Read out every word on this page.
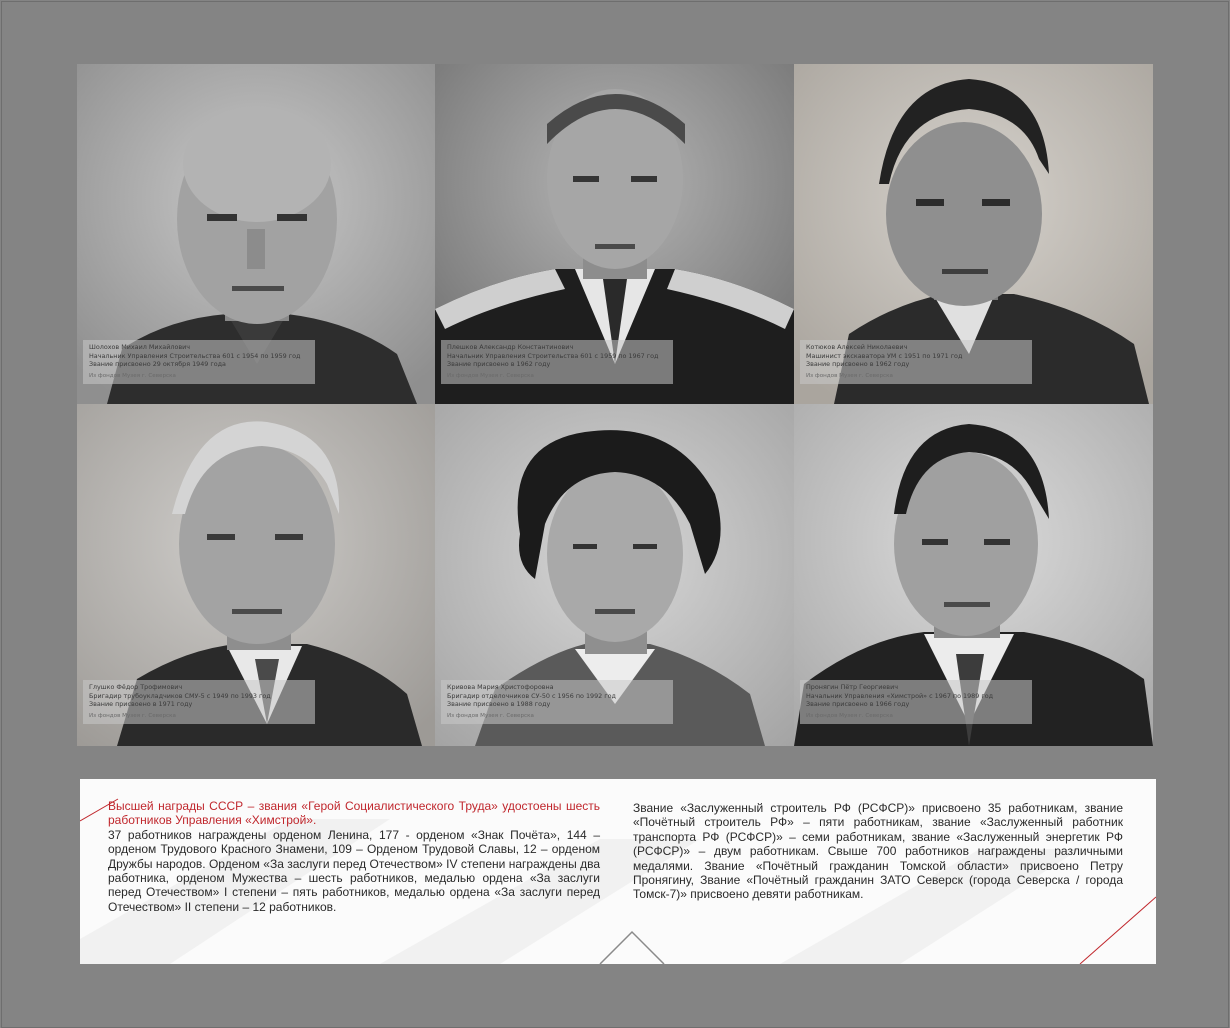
Шолохов Михаил Михайлович
Начальник Управления Строительства 601 с 1954 по 1959 год
Звание присвоено 29 октября 1949 года
Из фондов Музея г. Северска
Плешков Александр Константинович
Начальник Управления Строительства 601 с 1959 по 1967 год
Звание присвоено в 1962 году
Из фондов Музея г. Северска
Котюков Алексей Николаевич
Машинист экскаватора УМ с 1951 по 1971 год
Звание присвоено в 1962 году
Из фондов Музея г. Северска
Глушко Фёдор Трофимович
Бригадир трубоукладчиков СМУ-5 с 1949 по 1993 год
Звание присвоено в 1971 году
Из фондов Музея г. Северска
Кривова Мария Христофоровна
Бригадир отделочников СУ-50 с 1956 по 1992 год
Звание присвоено в 1988 году
Из фондов Музея г. Северска
Пронягин Пётр Георгиевич
Начальник Управления «Химстрой» с 1967 по 1989 год
Звание присвоено в 1966 году
Из фондов Музея г. Северска

Высшей награды СССР – звания «Герой Социалистического Труда» удостоены шесть работников Управления «Химстрой».

37 работников награждены орденом Ленина, 177 - орденом «Знак Почёта», 144 – орденом Трудового Красного Знамени, 109 – Орденом Трудовой Славы, 12 – орденом Дружбы народов. Орденом «За заслуги перед Отечеством» IV степени награждены два работника, орденом Мужества – шесть работников, медалью ордена «За заслуги перед Отечеством» I степени – пять работников, медалью ордена «За заслуги перед Отечеством» II степени – 12 работников.

Звание «Заслуженный строитель РФ (РСФСР)» присвоено 35 работникам, звание «Почётный строитель РФ» – пяти работникам, звание «Заслуженный работник транспорта РФ (РСФСР)» – семи работникам, звание «Заслуженный энергетик РФ (РСФСР)» – двум работникам. Свыше 700 работников награждены различными медалями. Звание «Почётный гражданин Томской области» присвоено Петру Пронягину, Звание «Почётный гражданин ЗАТО Северск (города Северска / города Томск-7)» присвоено девяти работникам.
